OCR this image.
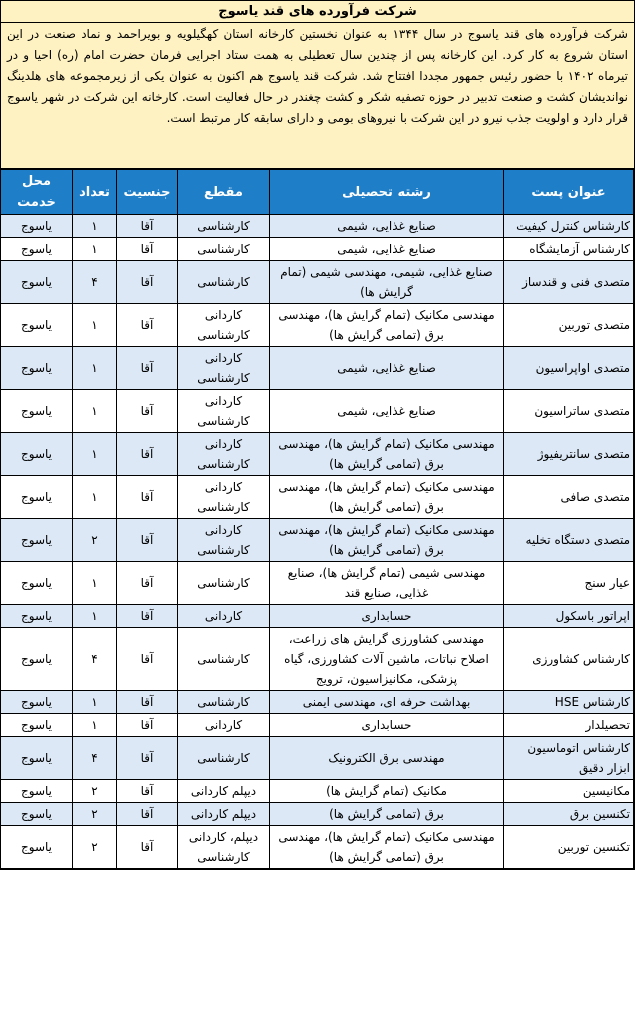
شرکت فرآورده های قند یاسوج
شرکت فرآورده های قند یاسوج در سال ۱۳۴۴ به عنوان نخستین کارخانه استان کهگیلویه و بویراحمد و نماد صنعت در این استان شروع به کار کرد. این کارخانه پس از چندین سال تعطیلی به همت ستاد اجرایی فرمان حضرت امام (ره) احیا و در تیرماه ۱۴۰۲ با حضور رئیس جمهور مجددا افتتاح شد. شرکت قند یاسوج هم اکنون به عنوان یکی از زیرمجموعه های هلدینگ نواندیشان کشت و صنعت تدبیر در حوزه تصفیه شکر و کشت چغندر در حال فعالیت است. کارخانه این شرکت در شهر یاسوج قرار دارد و اولویت جذب نیرو در این شرکت با نیروهای بومی و دارای سابقه کار مرتبط است.
عنوان پست	رشته تحصیلی	مقطع	جنسیت	تعداد	محل خدمت
کارشناس کنترل کیفیت	صنایع غذایی، شیمی	کارشناسی	آقا	۱	یاسوج
کارشناس آزمایشگاه	صنایع غذایی، شیمی	کارشناسی	آقا	۱	یاسوج
متصدی فنی و قندساز	صنایع غذایی، شیمی، مهندسی شیمی (تمام گرایش ها)	کارشناسی	آقا	۴	یاسوج
متصدی توربین	مهندسی مکانیک (تمام گرایش ها)، مهندسی برق (تمامی گرایش ها)	کاردانی کارشناسی	آقا	۱	یاسوج
متصدی اواپراسیون	صنایع غذایی، شیمی	کاردانی کارشناسی	آقا	۱	یاسوج
متصدی ساتراسیون	صنایع غذایی، شیمی	کاردانی کارشناسی	آقا	۱	یاسوج
متصدی سانتریفیوژ	مهندسی مکانیک (تمام گرایش ها)، مهندسی برق (تمامی گرایش ها)	کاردانی کارشناسی	آقا	۱	یاسوج
متصدی صافی	مهندسی مکانیک (تمام گرایش ها)، مهندسی برق (تمامی گرایش ها)	کاردانی کارشناسی	آقا	۱	یاسوج
متصدی دستگاه تخلیه	مهندسی مکانیک (تمام گرایش ها)، مهندسی برق (تمامی گرایش ها)	کاردانی کارشناسی	آقا	۲	یاسوج
عیار سنج	مهندسی شیمی (تمام گرایش ها)، صنایع غذایی، صنایع قند	کارشناسی	آقا	۱	یاسوج
اپراتور باسکول	حسابداری	کاردانی	آقا	۱	یاسوج
کارشناس کشاورزی	مهندسی کشاورزی گرایش های زراعت، اصلاح نباتات، ماشین آلات کشاورزی، گیاه پزشکی، مکانیزاسیون، ترویج	کارشناسی	آقا	۴	یاسوج
کارشناس HSE	بهداشت حرفه ای، مهندسی ایمنی	کارشناسی	آقا	۱	یاسوج
تحصیلدار	حسابداری	کاردانی	آقا	۱	یاسوج
کارشناس اتوماسیون ابزار دقیق	مهندسی برق الکترونیک	کارشناسی	آقا	۴	یاسوج
مکانیسین	مکانیک (تمام گرایش ها)	دیپلم کاردانی	آقا	۲	یاسوج
تکنسین برق	برق (تمامی گرایش ها)	دیپلم کاردانی	آقا	۲	یاسوج
تکنسین توربین	مهندسی مکانیک (تمام گرایش ها)، مهندسی برق (تمامی گرایش ها)	دیپلم، کاردانی کارشناسی	آقا	۲	یاسوج
